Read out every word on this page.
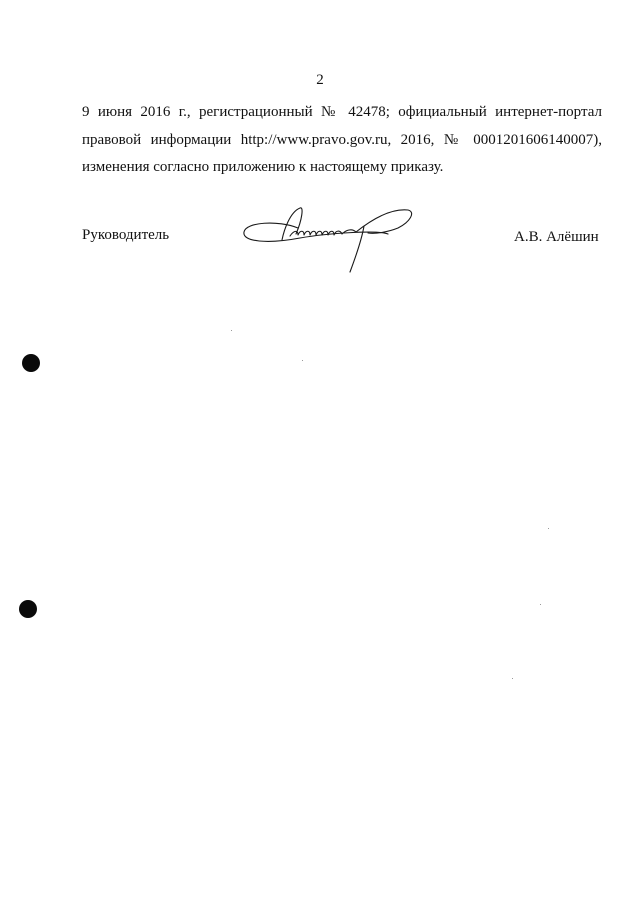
2
9 июня 2016 г., регистрационный № 42478; официальный интернет-портал
правовой информации http://www.pravo.gov.ru, 2016, № 0001201606140007),
изменения согласно приложению к настоящему приказу.
Руководитель	А.В. Алёшин
